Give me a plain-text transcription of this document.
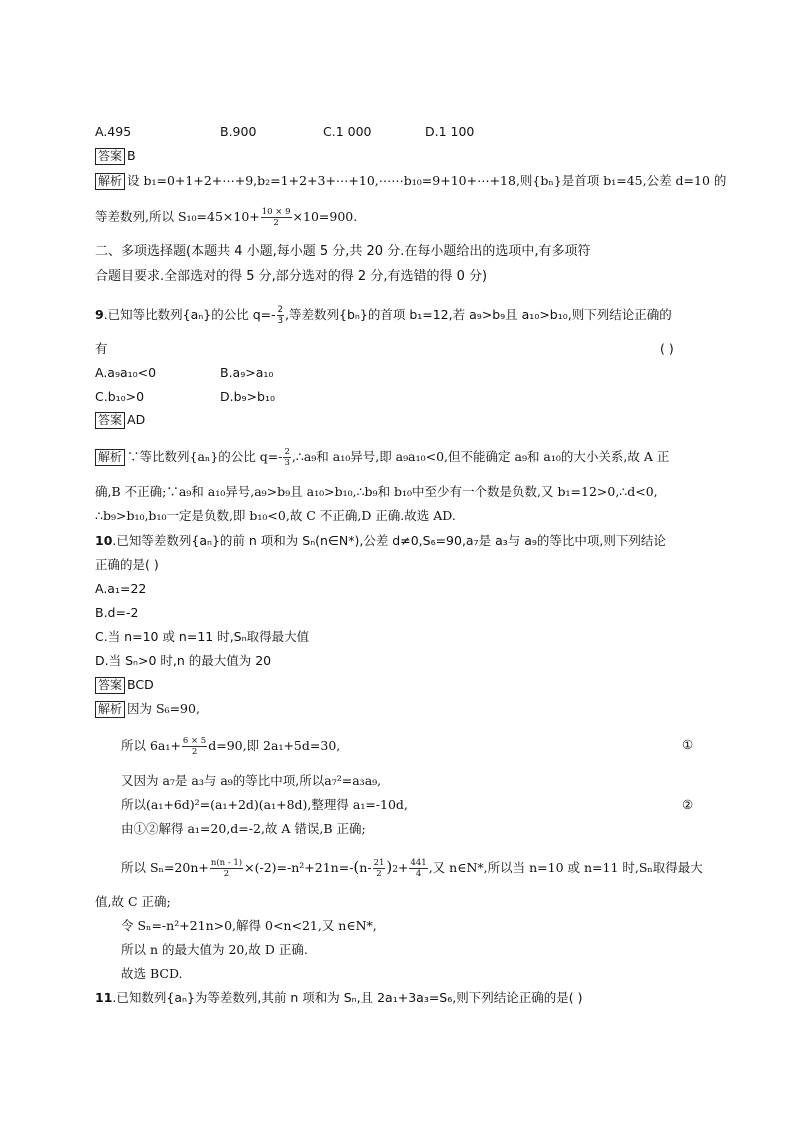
A.495	B.900	C.1 000	D.1 100
答案 B
解析 设 b₁=0+1+2+⋯+9,b₂=1+2+3+⋯+10,⋯⋯b₁₀=9+10+⋯+18,则{bₙ}是首项 b₁=45,公差 d=10 的
等差数列,所以 $S_{10}=45\times 10+ \frac{10 \times 9}{2} \times 10=900$.
二、多项选择题(本题共 4 小题,每小题 5 分,共 20 分.在每小题给出的选项中,有多项符
合题目要求.全部选对的得 5 分,部分选对的得 2 分,有选错的得 0 分)
9.已知等比数列{aₙ}的公比 $q=- \frac{2}{3}$ ,等差数列{bₙ}的首项 b₁=12,若 a₉>b₉且 a₁₀>b₁₀,则下列结论正确的
有	( )
A.a₉a₁₀<0	B.a₉>a₁₀
C.b₁₀>0	D.b₉>b₁₀
答案 AD
解析 ∵等比数列{aₙ}的公比 $q=- \frac{2}{3}$ ,∴a₉和 a₁₀异号,即 a₉a₁₀<0,但不能确定 a₉和 a₁₀的大小关系,故 A 正
确,B 不正确;∵a₉和 a₁₀异号,a₉>b₉且 a₁₀>b₁₀,∴b₉和 b₁₀中至少有一个数是负数,又 b₁=12>0,∴d<0,
∴b₉>b₁₀,b₁₀一定是负数,即 b₁₀<0,故 C 不正确,D 正确.故选 AD.
10.已知等差数列{aₙ}的前 n 项和为 Sₙ(n∈N*),公差 d≠0,S₆=90,a₇是 a₃与 a₉的等比中项,则下列结论
正确的是( )
A.a₁=22
B.d=-2
C.当 n=10 或 n=11 时,Sₙ取得最大值
D.当 Sₙ>0 时,n 的最大值为 20
答案 BCD
解析 因为 S₆=90,
所以 $6a_1+ \frac{6 \times 5}{2} d=90$,即 2a₁+5d=30,	①
又因为 a₇是 a₃与 a₉的等比中项,所以a₇²=a₃a₉,
所以(a₁+6d)²=(a₁+2d)(a₁+8d),整理得 a₁=-10d,	②
由①②解得 a₁=20,d=-2,故 A 错误,B 正确;
所以 $S_n=20n+ \frac{n(n - 1)}{2} \times(-2)=-n^2+21n=-(n- \frac{21}{2} )2+ \frac{441}{4}$ ,又 n∈N*,所以当 n=10 或 n=11 时,Sₙ取得最大
值,故 C 正确;
令 Sₙ=-n²+21n>0,解得 0<n<21,又 n∈N*,
所以 n 的最大值为 20,故 D 正确.
故选 BCD.
11.已知数列{aₙ}为等差数列,其前 n 项和为 Sₙ,且 2a₁+3a₃=S₆,则下列结论正确的是( )
